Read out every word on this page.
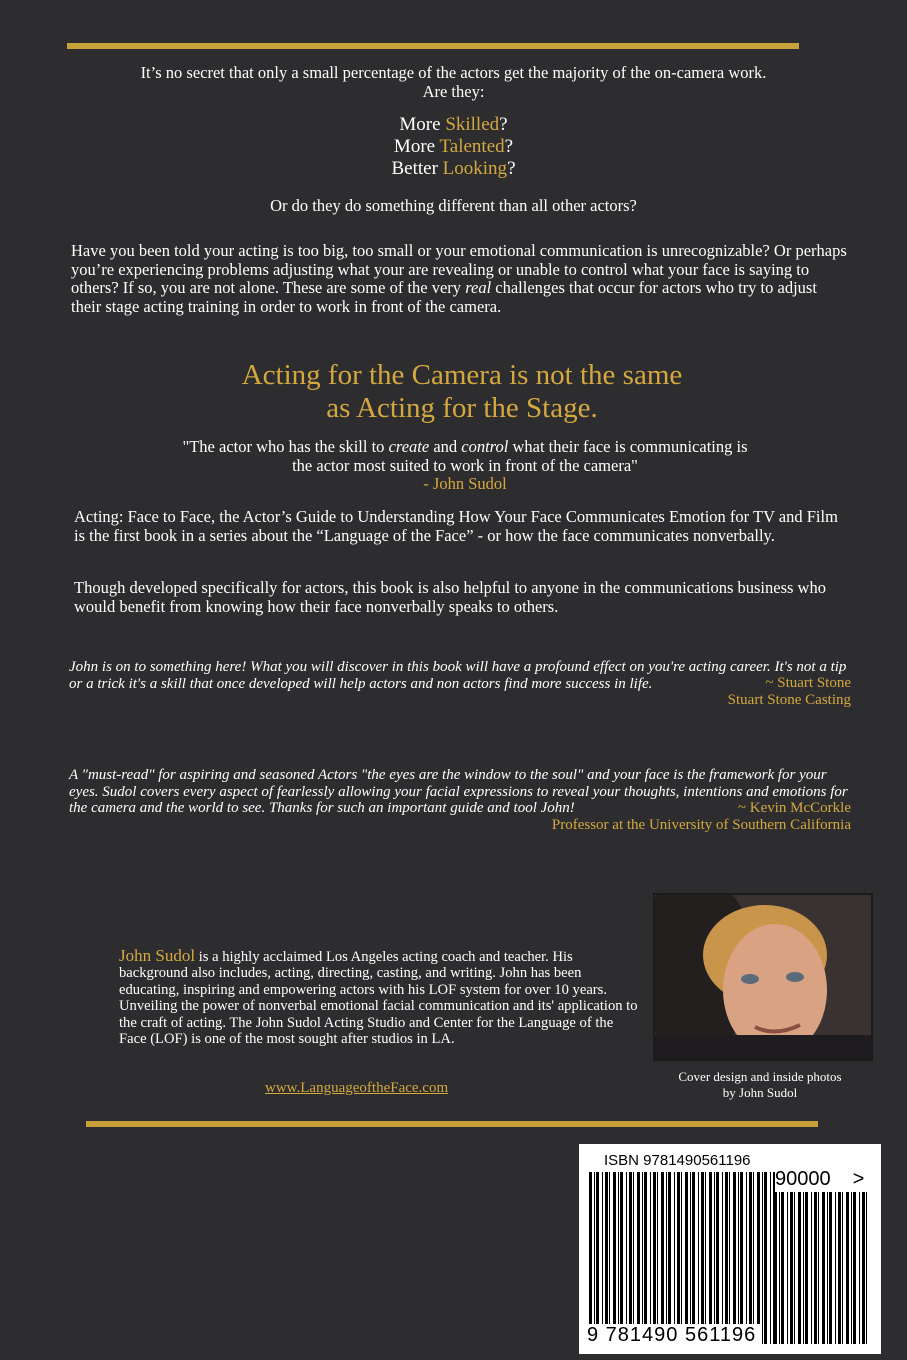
It’s no secret that only a small percentage of the actors get the majority of the on-camera work.
Are they:
More Skilled?
More Talented?
Better Looking?
Or do they do something different than all other actors?

Have you been told your acting is too big, too small or your emotional communication is unrecognizable? Or perhaps you’re experiencing problems adjusting what your are revealing or unable to control what your face is saying to others? If so, you are not alone. These are some of the very real challenges that occur for actors who try to adjust their stage acting training in order to work in front of the camera.

Acting for the Camera is not the same
as Acting for the Stage.
"The actor who has the skill to create and control what their face is communicating is
the actor most suited to work in front of the camera"
- John Sudol

Acting: Face to Face, the Actor’s Guide to Understanding How Your Face Communicates Emotion for TV and Film is the first book in a series about the “Language of the Face” - or how the face communicates nonverbally.

Though developed specifically for actors, this book is also helpful to anyone in the communications business who would benefit from knowing how their face nonverbally speaks to others.

John is on to something here! What you will discover in this book will have a profound effect on you're acting career. It's not a tip or a trick it's a skill that once developed will help actors and non actors find more success in life.	~ Stuart Stone
Stuart Stone Casting

A "must-read" for aspiring and seasoned Actors "the eyes are the window to the soul" and your face is the framework for your eyes. Sudol covers every aspect of fearlessly allowing your facial expressions to reveal your thoughts, intentions and emotions for the camera and the world to see. Thanks for such an important guide and tool John!	~ Kevin McCorkle
Professor at the University of Southern California

John Sudol is a highly acclaimed Los Angeles acting coach and teacher. His background also includes, acting, directing, casting, and writing. John has been educating, inspiring and empowering actors with his LOF system for over 10 years. Unveiling the power of nonverbal emotional facial communication and its' application to the craft of acting. The John Sudol Acting Studio and Center for the Language of the Face (LOF) is one of the most sought after studios in LA.

www.LanguageoftheFace.com
Cover design and inside photos
by John Sudol
ISBN 9781490561196
90000 >
9 781490 561196
